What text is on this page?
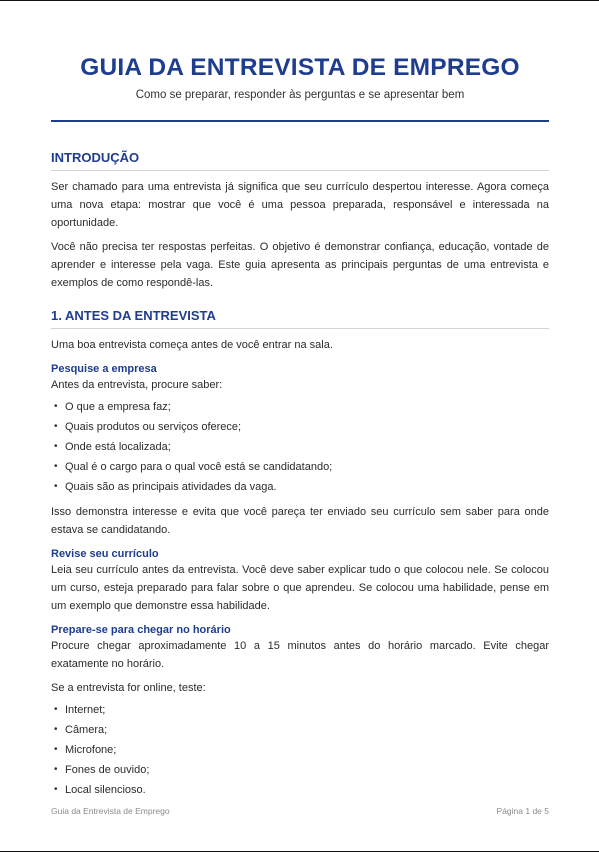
GUIA DA ENTREVISTA DE EMPREGO
Como se preparar, responder às perguntas e se apresentar bem
INTRODUÇÃO

Ser chamado para uma entrevista já significa que seu currículo despertou interesse. Agora começa uma nova etapa: mostrar que você é uma pessoa preparada, responsável e interessada na oportunidade.

Você não precisa ter respostas perfeitas. O objetivo é demonstrar confiança, educação, vontade de aprender e interesse pela vaga. Este guia apresenta as principais perguntas de uma entrevista e exemplos de como respondê-las.

1. ANTES DA ENTREVISTA

Uma boa entrevista começa antes de você entrar na sala.

Pesquise a empresa

Antes da entrevista, procure saber:

• O que a empresa faz;
• Quais produtos ou serviços oferece;
• Onde está localizada;
• Qual é o cargo para o qual você está se candidatando;
• Quais são as principais atividades da vaga.

Isso demonstra interesse e evita que você pareça ter enviado seu currículo sem saber para onde estava se candidatando.

Revise seu currículo

Leia seu currículo antes da entrevista. Você deve saber explicar tudo o que colocou nele. Se colocou um curso, esteja preparado para falar sobre o que aprendeu. Se colocou uma habilidade, pense em um exemplo que demonstre essa habilidade.

Prepare-se para chegar no horário

Procure chegar aproximadamente 10 a 15 minutos antes do horário marcado. Evite chegar exatamente no horário.

Se a entrevista for online, teste:

• Internet;
• Câmera;
• Microfone;
• Fones de ouvido;
• Local silencioso.
Guia da Entrevista de Emprego	Página 1 de 5
